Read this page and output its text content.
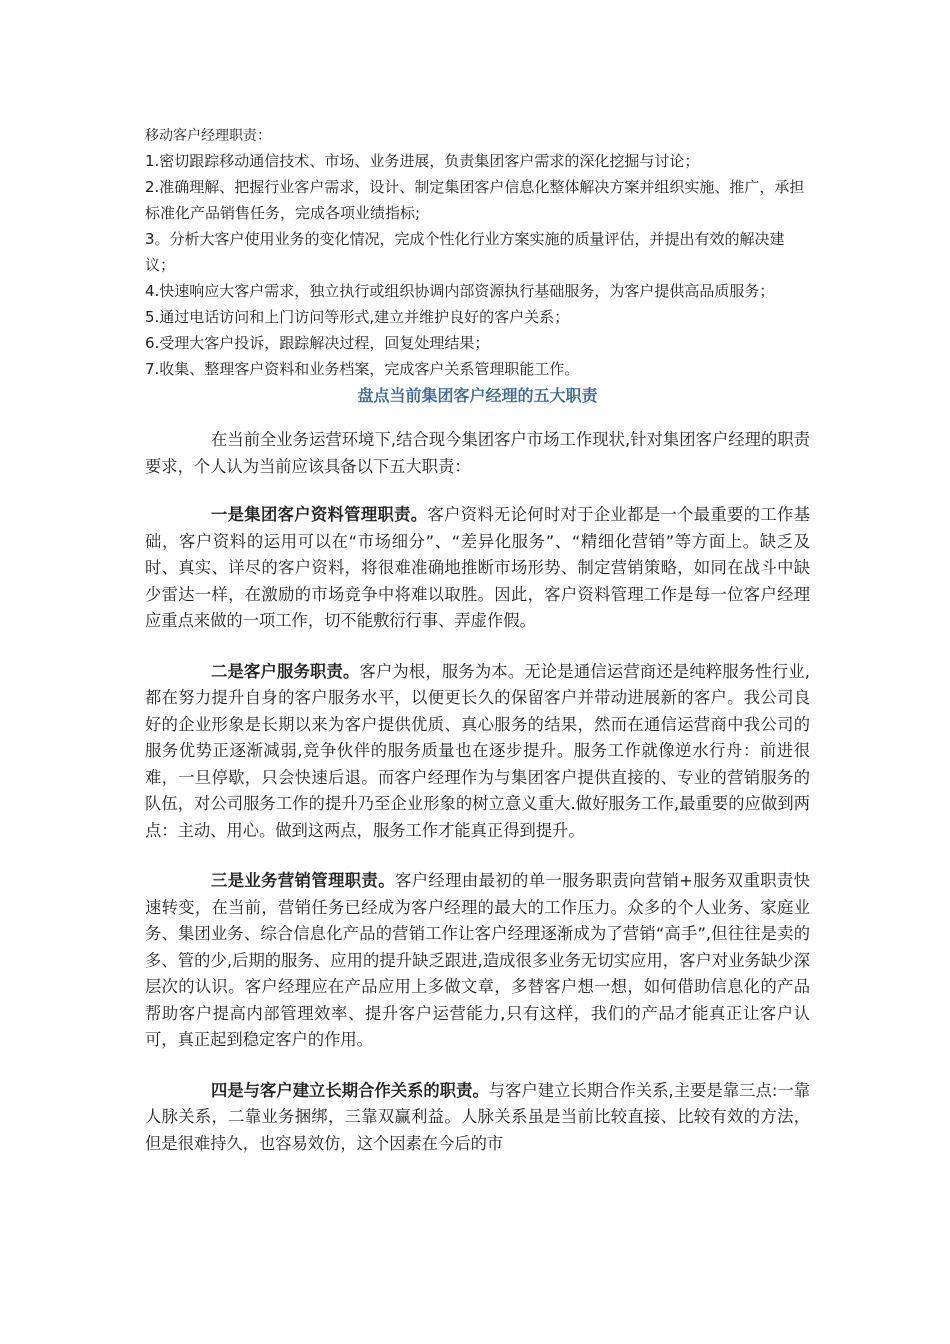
移动客户经理职责：

1.密切跟踪移动通信技术、市场、业务进展，负责集团客户需求的深化挖掘与讨论；
2.准确理解、把握行业客户需求，设计、制定集团客户信息化整体解决方案并组织实施、推广，承担标准化产品销售任务，完成各项业绩指标;
3。分析大客户使用业务的变化情况，完成个性化行业方案实施的质量评估，并提出有效的解决建议；
4.快速响应大客户需求，独立执行或组织协调内部资源执行基础服务，为客户提供高品质服务；
5.通过电话访问和上门访问等形式,建立并维护良好的客户关系；
6.受理大客户投诉，跟踪解决过程，回复处理结果；
7.收集、整理客户资料和业务档案，完成客户关系管理职能工作。
盘点当前集团客户经理的五大职责

在当前全业务运营环境下,结合现今集团客户市场工作现状,针对集团客户经理的职责要求，个人认为当前应该具备以下五大职责：

一是集团客户资料管理职责。客户资料无论何时对于企业都是一个最重要的工作基础，客户资料的运用可以在“市场细分”、“差异化服务”、“精细化营销”等方面上。缺乏及时、真实、详尽的客户资料，将很难准确地推断市场形势、制定营销策略，如同在战斗中缺少雷达一样，在激励的市场竞争中将难以取胜。因此，客户资料管理工作是每一位客户经理应重点来做的一项工作，切不能敷衍行事、弄虚作假。

二是客户服务职责。客户为根，服务为本。无论是通信运营商还是纯粹服务性行业,都在努力提升自身的客户服务水平，以便更长久的保留客户并带动进展新的客户。我公司良好的企业形象是长期以来为客户提供优质、真心服务的结果，然而在通信运营商中我公司的服务优势正逐渐减弱,竞争伙伴的服务质量也在逐步提升。服务工作就像逆水行舟：前进很难，一旦停歇，只会快速后退。而客户经理作为与集团客户提供直接的、专业的营销服务的队伍，对公司服务工作的提升乃至企业形象的树立意义重大.做好服务工作,最重要的应做到两点：主动、用心。做到这两点，服务工作才能真正得到提升。

三是业务营销管理职责。客户经理由最初的单一服务职责向营销+服务双重职责快速转变，在当前，营销任务已经成为客户经理的最大的工作压力。众多的个人业务、家庭业务、集团业务、综合信息化产品的营销工作让客户经理逐渐成为了营销“高手”,但往往是卖的多、管的少,后期的服务、应用的提升缺乏跟进,造成很多业务无切实应用，客户对业务缺少深层次的认识。客户经理应在产品应用上多做文章，多替客户想一想，如何借助信息化的产品帮助客户提高内部管理效率、提升客户运营能力,只有这样，我们的产品才能真正让客户认可，真正起到稳定客户的作用。

四是与客户建立长期合作关系的职责。与客户建立长期合作关系,主要是靠三点:一靠人脉关系，二靠业务捆绑，三靠双赢利益。人脉关系虽是当前比较直接、比较有效的方法，但是很难持久，也容易效仿，这个因素在今后的市
